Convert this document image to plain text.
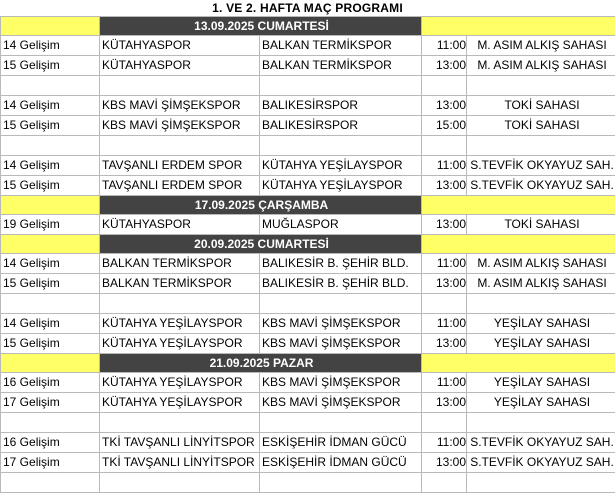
1. VE 2. HAFTA MAÇ PROGRAMI
	13.09.2025 CUMARTESİ			
14 Gelişim	KÜTAHYASPOR	BALKAN TERMİKSPOR	11:00	M. ASIM ALKIŞ SAHASI
15 Gelişim	KÜTAHYASPOR	BALKAN TERMİKSPOR	13:00	M. ASIM ALKIŞ SAHASI

14 Gelişim	KBS MAVİ ŞİMŞEKSPOR	BALIKESİRSPOR	13:00	TOKİ SAHASI
15 Gelişim	KBS MAVİ ŞİMŞEKSPOR	BALIKESİRSPOR	15:00	TOKİ SAHASI

14 Gelişim	TAVŞANLI ERDEM SPOR	KÜTAHYA YEŞİLAYSPOR	11:00	S.TEVFİK OKYAYUZ SAH.
15 Gelişim	TAVŞANLI ERDEM SPOR	KÜTAHYA YEŞİLAYSPOR	13:00	S.TEVFİK OKYAYUZ SAH.
	17.09.2025 ÇARŞAMBA			
19 Gelişim	KÜTAHYASPOR	MUĞLASPOR	13:00	TOKİ SAHASI
	20.09.2025 CUMARTESİ			
14 Gelişim	BALKAN TERMİKSPOR	BALIKESİR B. ŞEHİR BLD.	11:00	M. ASIM ALKIŞ SAHASI
15 Gelişim	BALKAN TERMİKSPOR	BALIKESİR B. ŞEHİR BLD.	13:00	M. ASIM ALKIŞ SAHASI

14 Gelişim	KÜTAHYA YEŞİLAYSPOR	KBS MAVİ ŞİMŞEKSPOR	11:00	YEŞİLAY SAHASI
15 Gelişim	KÜTAHYA YEŞİLAYSPOR	KBS MAVİ ŞİMŞEKSPOR	13:00	YEŞİLAY SAHASI
	21.09.2025 PAZAR			
16 Gelişim	KÜTAHYA YEŞİLAYSPOR	KBS MAVİ ŞİMŞEKSPOR	11:00	YEŞİLAY SAHASI
17 Gelişim	KÜTAHYA YEŞİLAYSPOR	KBS MAVİ ŞİMŞEKSPOR	13:00	YEŞİLAY SAHASI

16 Gelişim	TKİ TAVŞANLI LİNYİTSPOR	ESKİŞEHİR İDMAN GÜCÜ	11:00	S.TEVFİK OKYAYUZ SAH.
17 Gelişim	TKİ TAVŞANLI LİNYİTSPOR	ESKİŞEHİR İDMAN GÜCÜ	13:00	S.TEVFİK OKYAYUZ SAH.
